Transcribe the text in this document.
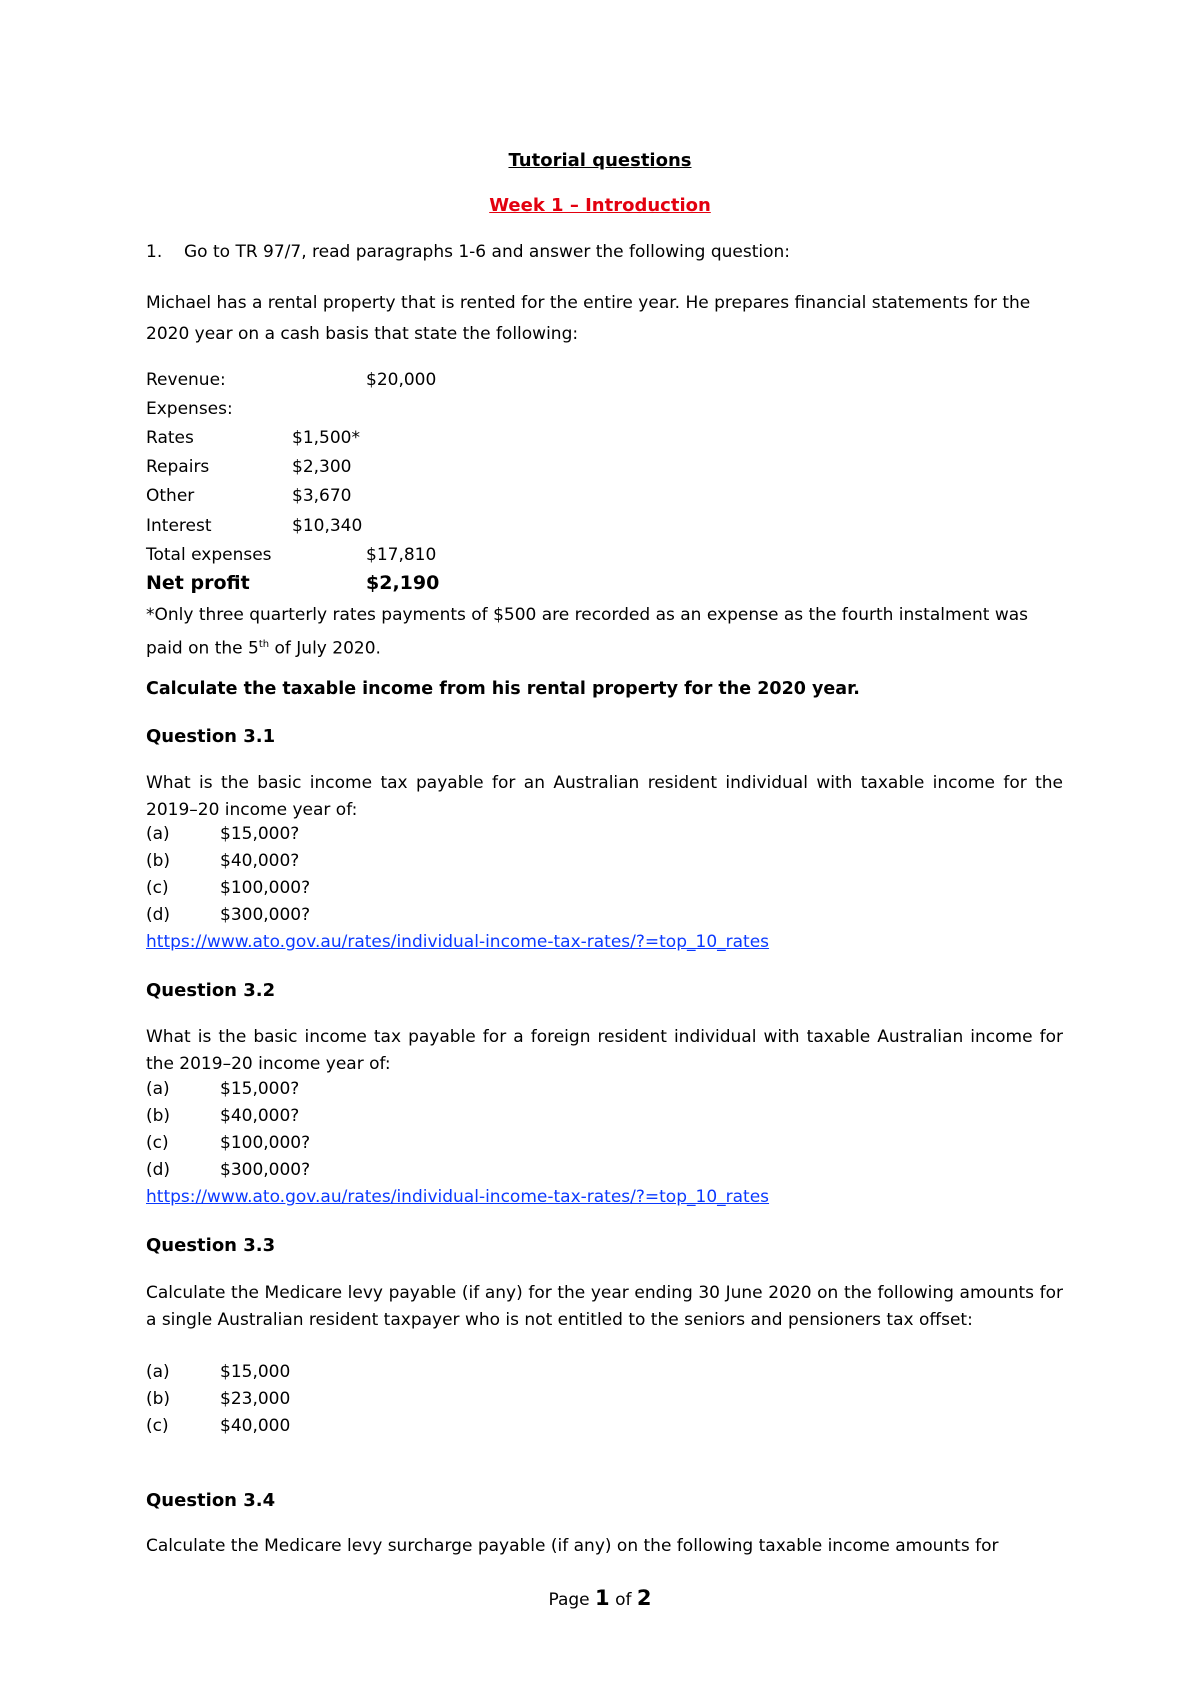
Tutorial questions
Week 1 – Introduction
1. Go to TR 97/7, read paragraphs 1-6 and answer the following question:
Michael has a rental property that is rented for the entire year. He prepares financial statements for the 2020 year on a cash basis that state the following:
Revenue:	$20,000
Expenses:
Rates	$1,500*
Repairs	$2,300
Other	$3,670
Interest	$10,340
Total expenses	$17,810
Net profit	$2,190
*Only three quarterly rates payments of $500 are recorded as an expense as the fourth instalment was paid on the 5th of July 2020.
Calculate the taxable income from his rental property for the 2020 year.
Question 3.1
What is the basic income tax payable for an Australian resident individual with taxable income for the 2019–20 income year of:
(a)	$15,000?
(b)	$40,000?
(c)	$100,000?
(d)	$300,000?
https://www.ato.gov.au/rates/individual-income-tax-rates/?=top_10_rates
Question 3.2
What is the basic income tax payable for a foreign resident individual with taxable Australian income for the 2019–20 income year of:
(a)	$15,000?
(b)	$40,000?
(c)	$100,000?
(d)	$300,000?
https://www.ato.gov.au/rates/individual-income-tax-rates/?=top_10_rates
Question 3.3
Calculate the Medicare levy payable (if any) for the year ending 30 June 2020 on the following amounts for a single Australian resident taxpayer who is not entitled to the seniors and pensioners tax offset:
(a)	$15,000
(b)	$23,000
(c)	$40,000
Question 3.4
Calculate the Medicare levy surcharge payable (if any) on the following taxable income amounts for
Page 1 of 2
